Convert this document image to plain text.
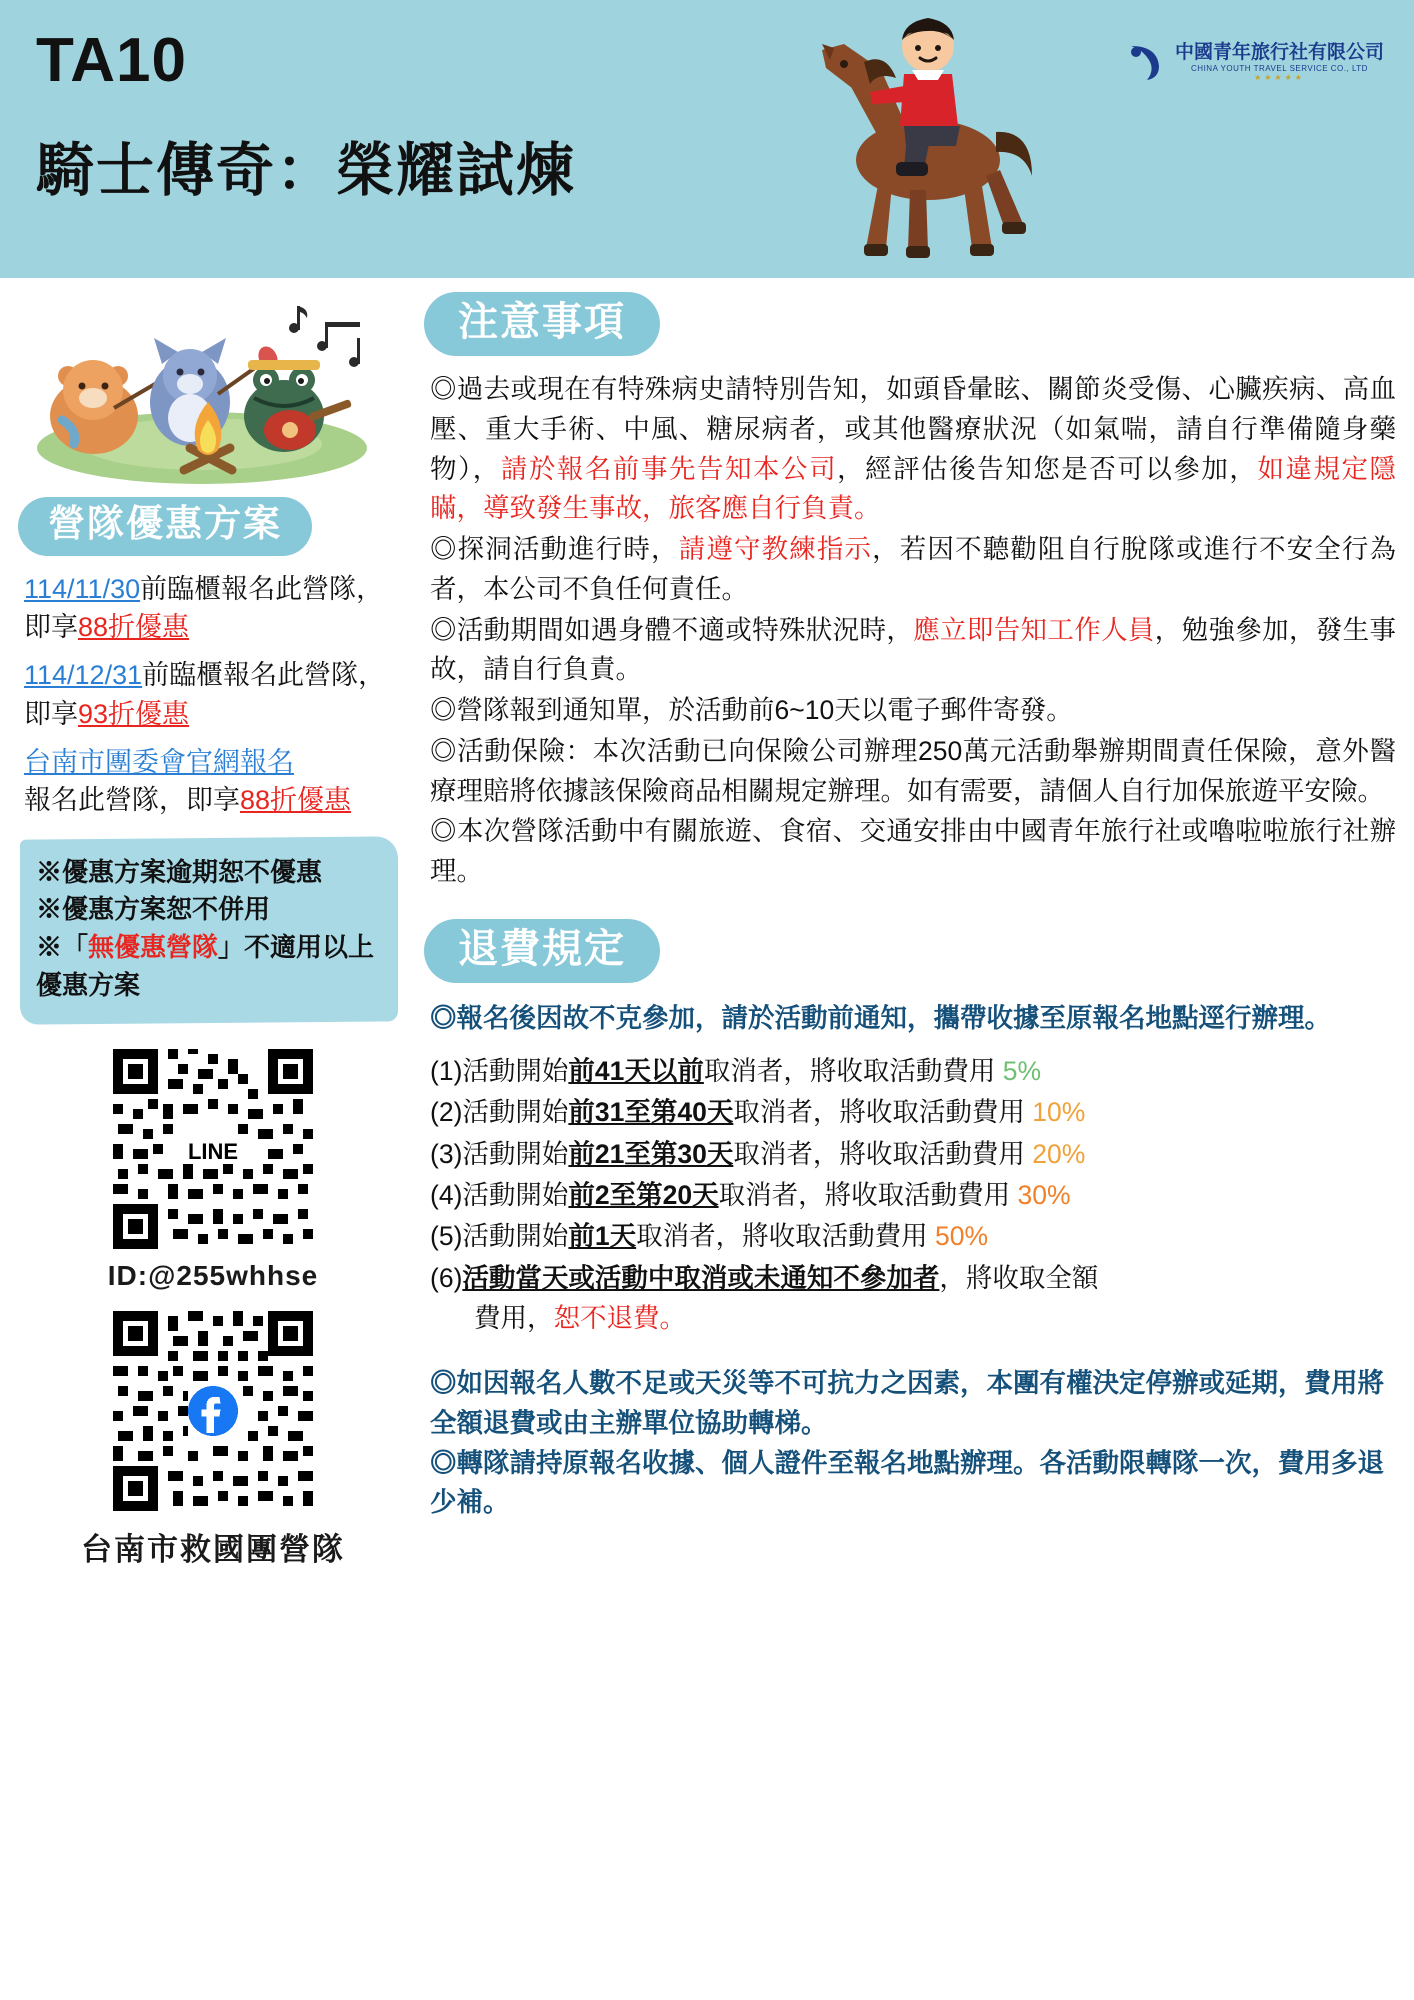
TA10
騎士傳奇：榮耀試煉
中國青年旅行社有限公司
CHINA YOUTH TRAVEL SERVICE CO., LTD
★★★★★
營隊優惠方案
114/11/30前臨櫃報名此營隊，即享88折優惠
114/12/31前臨櫃報名此營隊，即享93折優惠
台南市團委會官網報名
報名此營隊，即享88折優惠
※優惠方案逾期恕不優惠
※優惠方案恕不併用
※「無優惠營隊」不適用以上優惠方案
LINE
ID:@255whhse
台南市救國團營隊
注意事項

◎過去或現在有特殊病史請特別告知，如頭昏暈眩、關節炎受傷、心臟疾病、高血壓、重大手術、中風、糖尿病者，或其他醫療狀況（如氣喘，請自行準備隨身藥物），請於報名前事先告知本公司，經評估後告知您是否可以參加，如違規定隱瞞，導致發生事故，旅客應自行負責。

◎探洞活動進行時，請遵守教練指示，若因不聽勸阻自行脫隊或進行不安全行為者，本公司不負任何責任。

◎活動期間如遇身體不適或特殊狀況時，應立即告知工作人員，勉強參加，發生事故，請自行負責。

◎營隊報到通知單，於活動前6~10天以電子郵件寄發。

◎活動保險：本次活動已向保險公司辦理250萬元活動舉辦期間責任保險，意外醫療理賠將依據該保險商品相關規定辦理。如有需要，請個人自行加保旅遊平安險。

◎本次營隊活動中有關旅遊、食宿、交通安排由中國青年旅行社或嚕啦啦旅行社辦理。

退費規定
◎報名後因故不克參加，請於活動前通知，攜帶收據至原報名地點逕行辦理。
(1)活動開始前41天以前取消者，將收取活動費用 5%
(2)活動開始前31至第40天取消者，將收取活動費用 10%
(3)活動開始前21至第30天取消者，將收取活動費用 20%
(4)活動開始前2至第20天取消者，將收取活動費用 30%
(5)活動開始前1天取消者，將收取活動費用 50%
(6)活動當天或活動中取消或未通知不參加者，將收取全額
費用，恕不退費。
◎如因報名人數不足或天災等不可抗力之因素，本團有權決定停辦或延期，費用將全額退費或由主辦單位協助轉梯。
◎轉隊請持原報名收據、個人證件至報名地點辦理。各活動限轉隊一次，費用多退少補。
